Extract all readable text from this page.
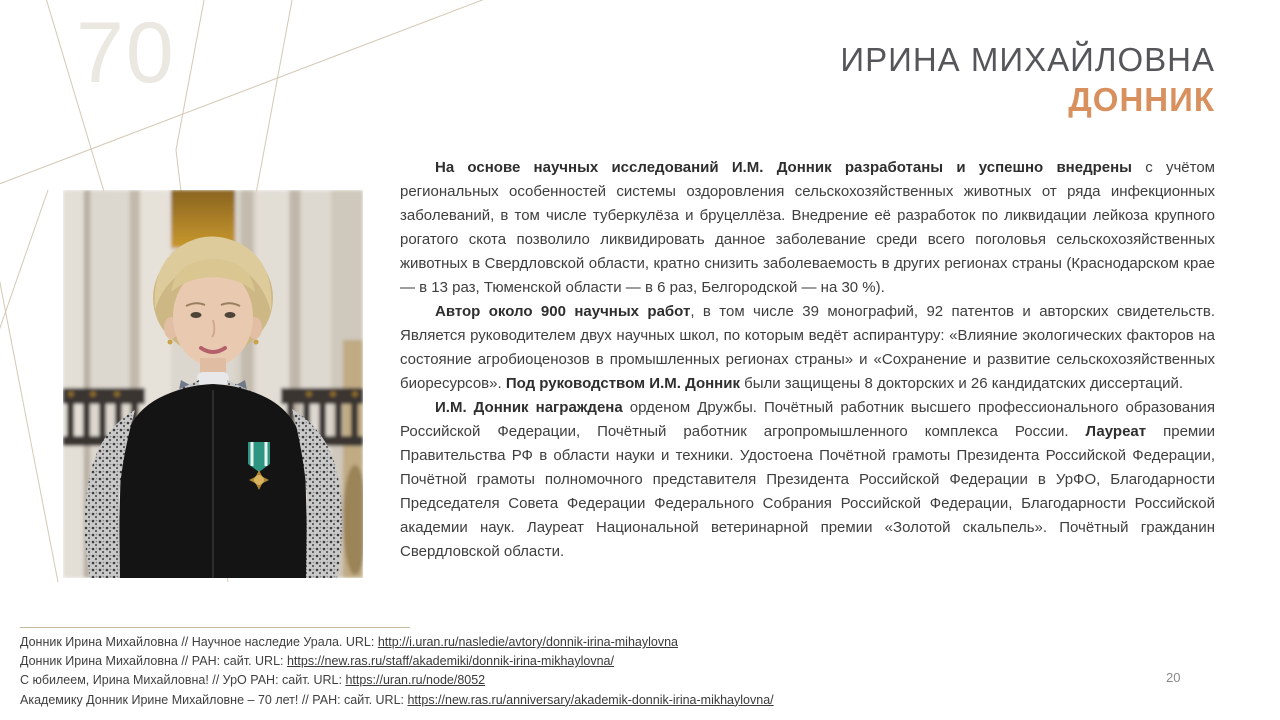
70	ИРИНА МИХАЙЛОВНА
ДОННИК

На основе научных исследований И.М. Донник разработаны и успешно внедрены с учётом региональных особенностей системы оздоровления сельскохозяйственных животных от ряда инфекционных заболеваний, в том числе туберкулёза и бруцеллёза. Внедрение её разработок по ликвидации лейкоза крупного рогатого скота позволило ликвидировать данное заболевание среди всего поголовья сельскохозяйственных животных в Свердловской области, кратно снизить заболеваемость в других регионах страны (Краснодарском крае — в 13 раз, Тюменской области — в 6 раз, Белгородской — на 30 %).

Автор около 900 научных работ, в том числе 39 монографий, 92 патентов и авторских свидетельств. Является руководителем двух научных школ, по которым ведёт аспирантуру: «Влияние экологических факторов на состояние агробиоценозов в промышленных регионах страны» и «Сохранение и развитие сельскохозяйственных биоресурсов». Под руководством И.М. Донник были защищены 8 докторских и 26 кандидатских диссертаций.

И.М. Донник награждена орденом Дружбы. Почётный работник высшего профессионального образования Российской Федерации, Почётный работник агропромышленного комплекса России. Лауреат премии Правительства РФ в области науки и техники. Удостоена Почётной грамоты Президента Российской Федерации, Почётной грамоты полномочного представителя Президента Российской Федерации в УрФО, Благодарности Председателя Совета Федерации Федерального Собрания Российской Федерации, Благодарности Российской академии наук. Лауреат Национальной ветеринарной премии «Золотой скальпель». Почётный гражданин Свердловской области.

Донник Ирина Михайловна // Научное наследие Урала. URL: http://i.uran.ru/nasledie/avtory/donnik-irina-mihaylovna
Донник Ирина Михайловна // РАН: сайт. URL: https://new.ras.ru/staff/akademiki/donnik-irina-mikhaylovna/
С юбилеем, Ирина Михайловна! // УрО РАН: сайт. URL: https://uran.ru/node/8052
Академику Донник Ирине Михайловне – 70 лет! // РАН: сайт. URL: https://new.ras.ru/anniversary/akademik-donnik-irina-mikhaylovna/
20
